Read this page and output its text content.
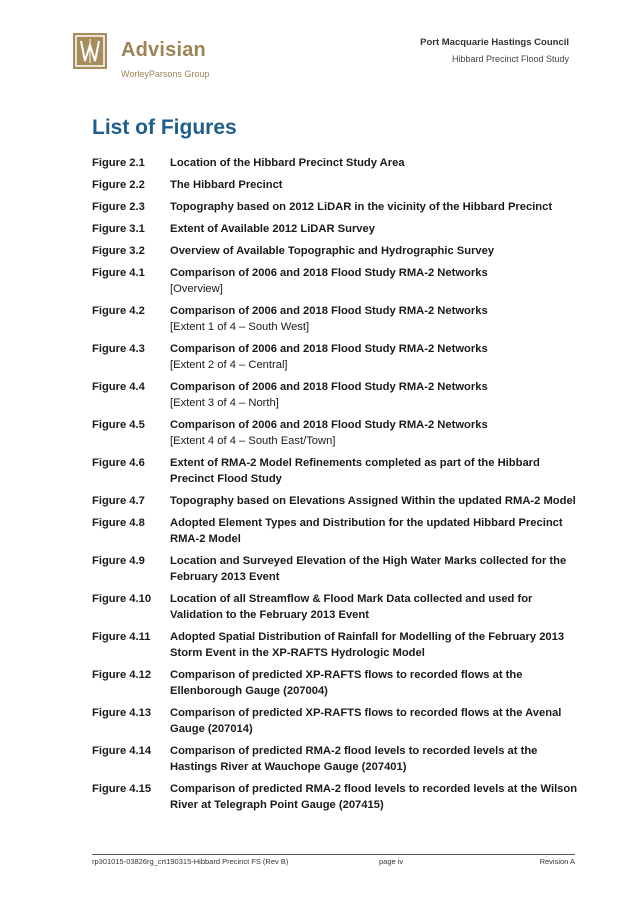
Advisian
WorleyParsons Group
Port Macquarie Hastings Council
Hibbard Precinct Flood Study
List of Figures
Figure 2.1	Location of the Hibbard Precinct Study Area
Figure 2.2	The Hibbard Precinct
Figure 2.3	Topography based on 2012 LiDAR in the vicinity of the Hibbard Precinct
Figure 3.1	Extent of Available 2012 LiDAR Survey
Figure 3.2	Overview of Available Topographic and Hydrographic Survey
Figure 4.1	Comparison of 2006 and 2018 Flood Study RMA-2 Networks
[Overview]
Figure 4.2	Comparison of 2006 and 2018 Flood Study RMA-2 Networks
[Extent 1 of 4 – South West]
Figure 4.3	Comparison of 2006 and 2018 Flood Study RMA-2 Networks
[Extent 2 of 4 – Central]
Figure 4.4	Comparison of 2006 and 2018 Flood Study RMA-2 Networks
[Extent 3 of 4 – North]
Figure 4.5	Comparison of 2006 and 2018 Flood Study RMA-2 Networks
[Extent 4 of 4 – South East/Town]
Figure 4.6	Extent of RMA-2 Model Refinements completed as part of the Hibbard Precinct Flood Study
Figure 4.7	Topography based on Elevations Assigned Within the updated RMA-2 Model
Figure 4.8	Adopted Element Types and Distribution for the updated Hibbard Precinct RMA-2 Model
Figure 4.9	Location and Surveyed Elevation of the High Water Marks collected for the February 2013 Event
Figure 4.10	Location of all Streamflow & Flood Mark Data collected and used for Validation to the February 2013 Event
Figure 4.11	Adopted Spatial Distribution of Rainfall for Modelling of the February 2013 Storm Event in the XP-RAFTS Hydrologic Model
Figure 4.12	Comparison of predicted XP-RAFTS flows to recorded flows at the Ellenborough Gauge (207004)
Figure 4.13	Comparison of predicted XP-RAFTS flows to recorded flows at the Avenal Gauge (207014)
Figure 4.14	Comparison of predicted RMA-2 flood levels to recorded levels at the Hastings River at Wauchope Gauge (207401)
Figure 4.15	Comparison of predicted RMA-2 flood levels to recorded levels at the Wilson River at Telegraph Point Gauge (207415)
rp301015-03826rg_crt190315-Hibbard Precinct FS (Rev B)	page iv	Revision A
